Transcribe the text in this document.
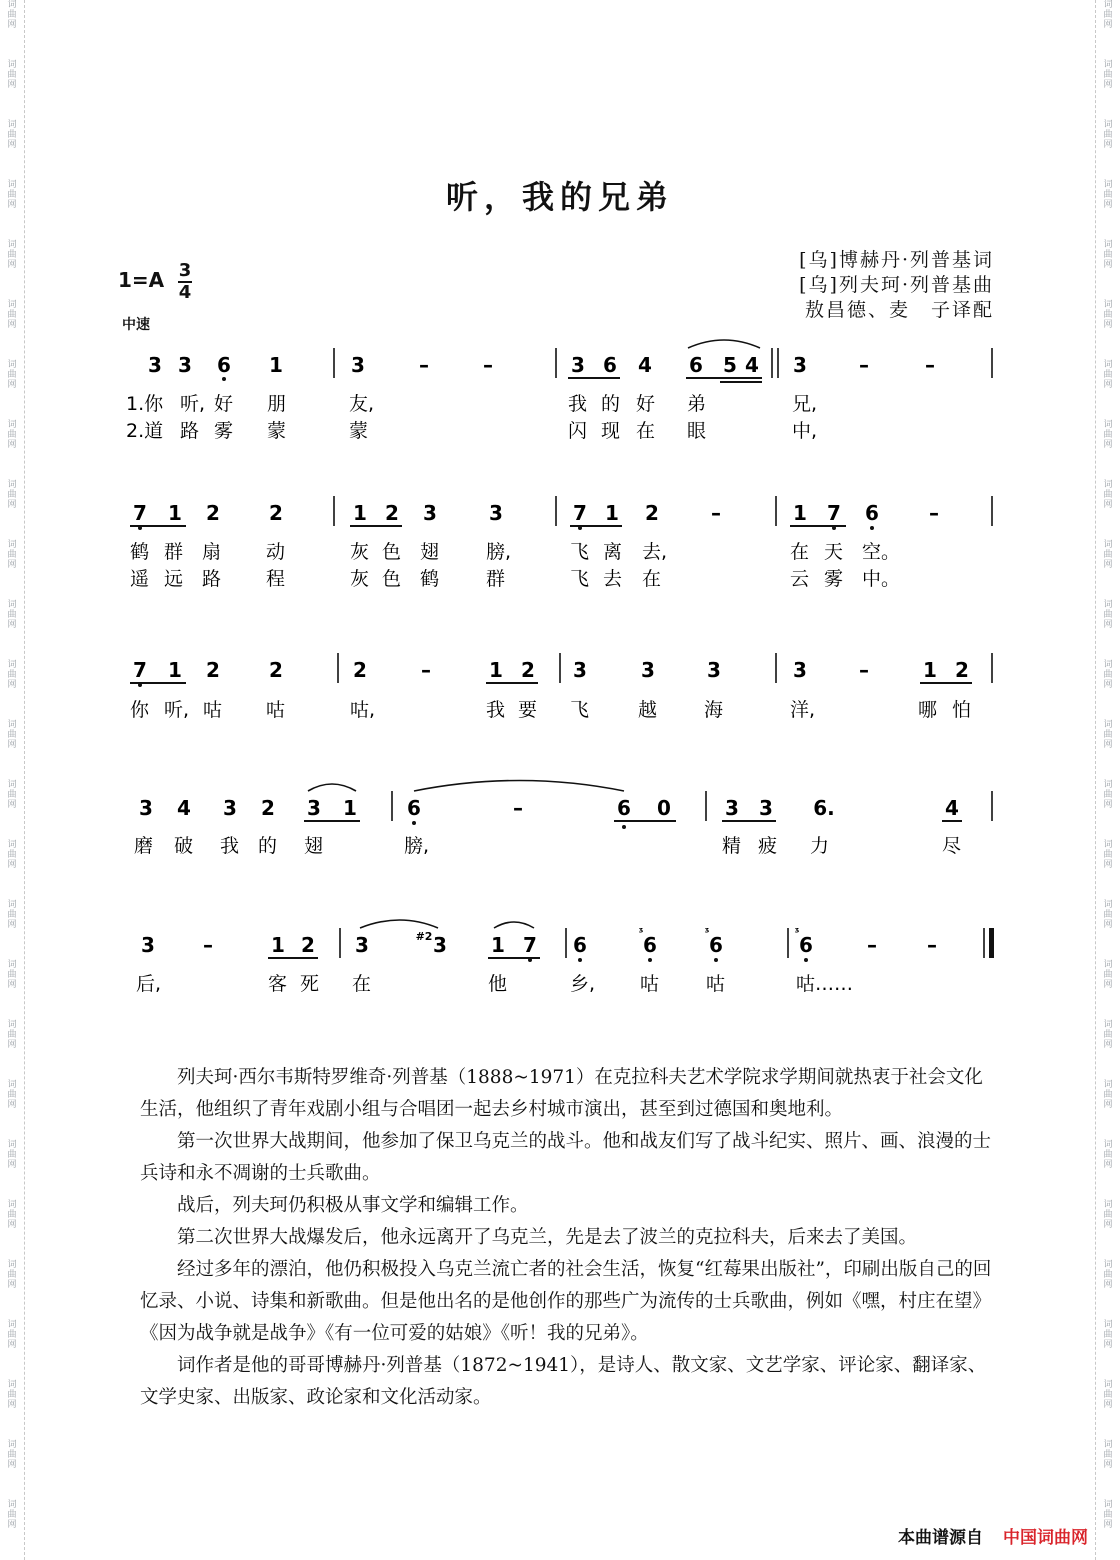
词曲网
词曲网
词曲网
词曲网
词曲网
词曲网
词曲网
词曲网
词曲网
词曲网
词曲网
词曲网
词曲网
词曲网
词曲网
词曲网
词曲网
词曲网
词曲网
词曲网
词曲网
词曲网
词曲网
词曲网
词曲网
词曲网
词曲网
词曲网
词曲网
词曲网
词曲网
词曲网
词曲网
词曲网
词曲网
词曲网
词曲网
词曲网
词曲网
词曲网
词曲网
词曲网
词曲网
词曲网
词曲网
词曲网
词曲网
词曲网
词曲网
词曲网
词曲网
词曲网
听，我的兄弟
[乌]博赫丹·列普基词
[乌]列夫珂·列普基曲
敖昌德、麦　子译配
1=A 3
4
中速
3 3 6 1	3	–	–	3 6 4 6 5 4 3	–	–
1.你 听, 好 朋	友,	我 的 好 弟	兄,
2.道 路 雾 蒙	蒙	闪 现 在 眼	中,
7 1 2 2	1 2 3	3	7 1 2	–	1 7 6	–
鹤 群 扇 动	灰 色 翅 膀,	飞 离 去,	在 天 空。
遥 远 路 程	灰 色 鹤 群	飞 去 在	云 雾 中。
7 1 2 2	2	–	1 2 3	3	3	3	–	1 2
你 听, 咕 咕	咕,	我 要 飞	越 海	洋,	哪 怕
3 4 3 2 3 1	6	–	6 0	3 3 6.	4
磨 破 我 的 翅	膀,	精 疲 力	尽
3 –	1 2 3	#2 3 1 7 6	6
ᶾ
6
ᶾ
6
ᶾ
–	–
后,	客 死 在	他	乡, 咕 咕	咕……

列夫珂·西尔韦斯特罗维奇·列普基（1888~1971）在克拉科夫艺术学院求学期间就热衷于社会文化生活，他组织了青年戏剧小组与合唱团一起去乡村城市演出，甚至到过德国和奥地利。

第一次世界大战期间，他参加了保卫乌克兰的战斗。他和战友们写了战斗纪实、照片、画、浪漫的士兵诗和永不凋谢的士兵歌曲。

战后，列夫珂仍积极从事文学和编辑工作。

第二次世界大战爆发后，他永远离开了乌克兰，先是去了波兰的克拉科夫，后来去了美国。

经过多年的漂泊，他仍积极投入乌克兰流亡者的社会生活，恢复“红莓果出版社”，印刷出版自己的回忆录、小说、诗集和新歌曲。但是他出名的是他创作的那些广为流传的士兵歌曲，例如《嘿，村庄在望》《因为战争就是战争》《有一位可爱的姑娘》《听！我的兄弟》。

词作者是他的哥哥博赫丹·列普基（1872~1941），是诗人、散文家、文艺学家、评论家、翻译家、文学史家、出版家、政论家和文化活动家。

本曲谱源自 中国词曲网
